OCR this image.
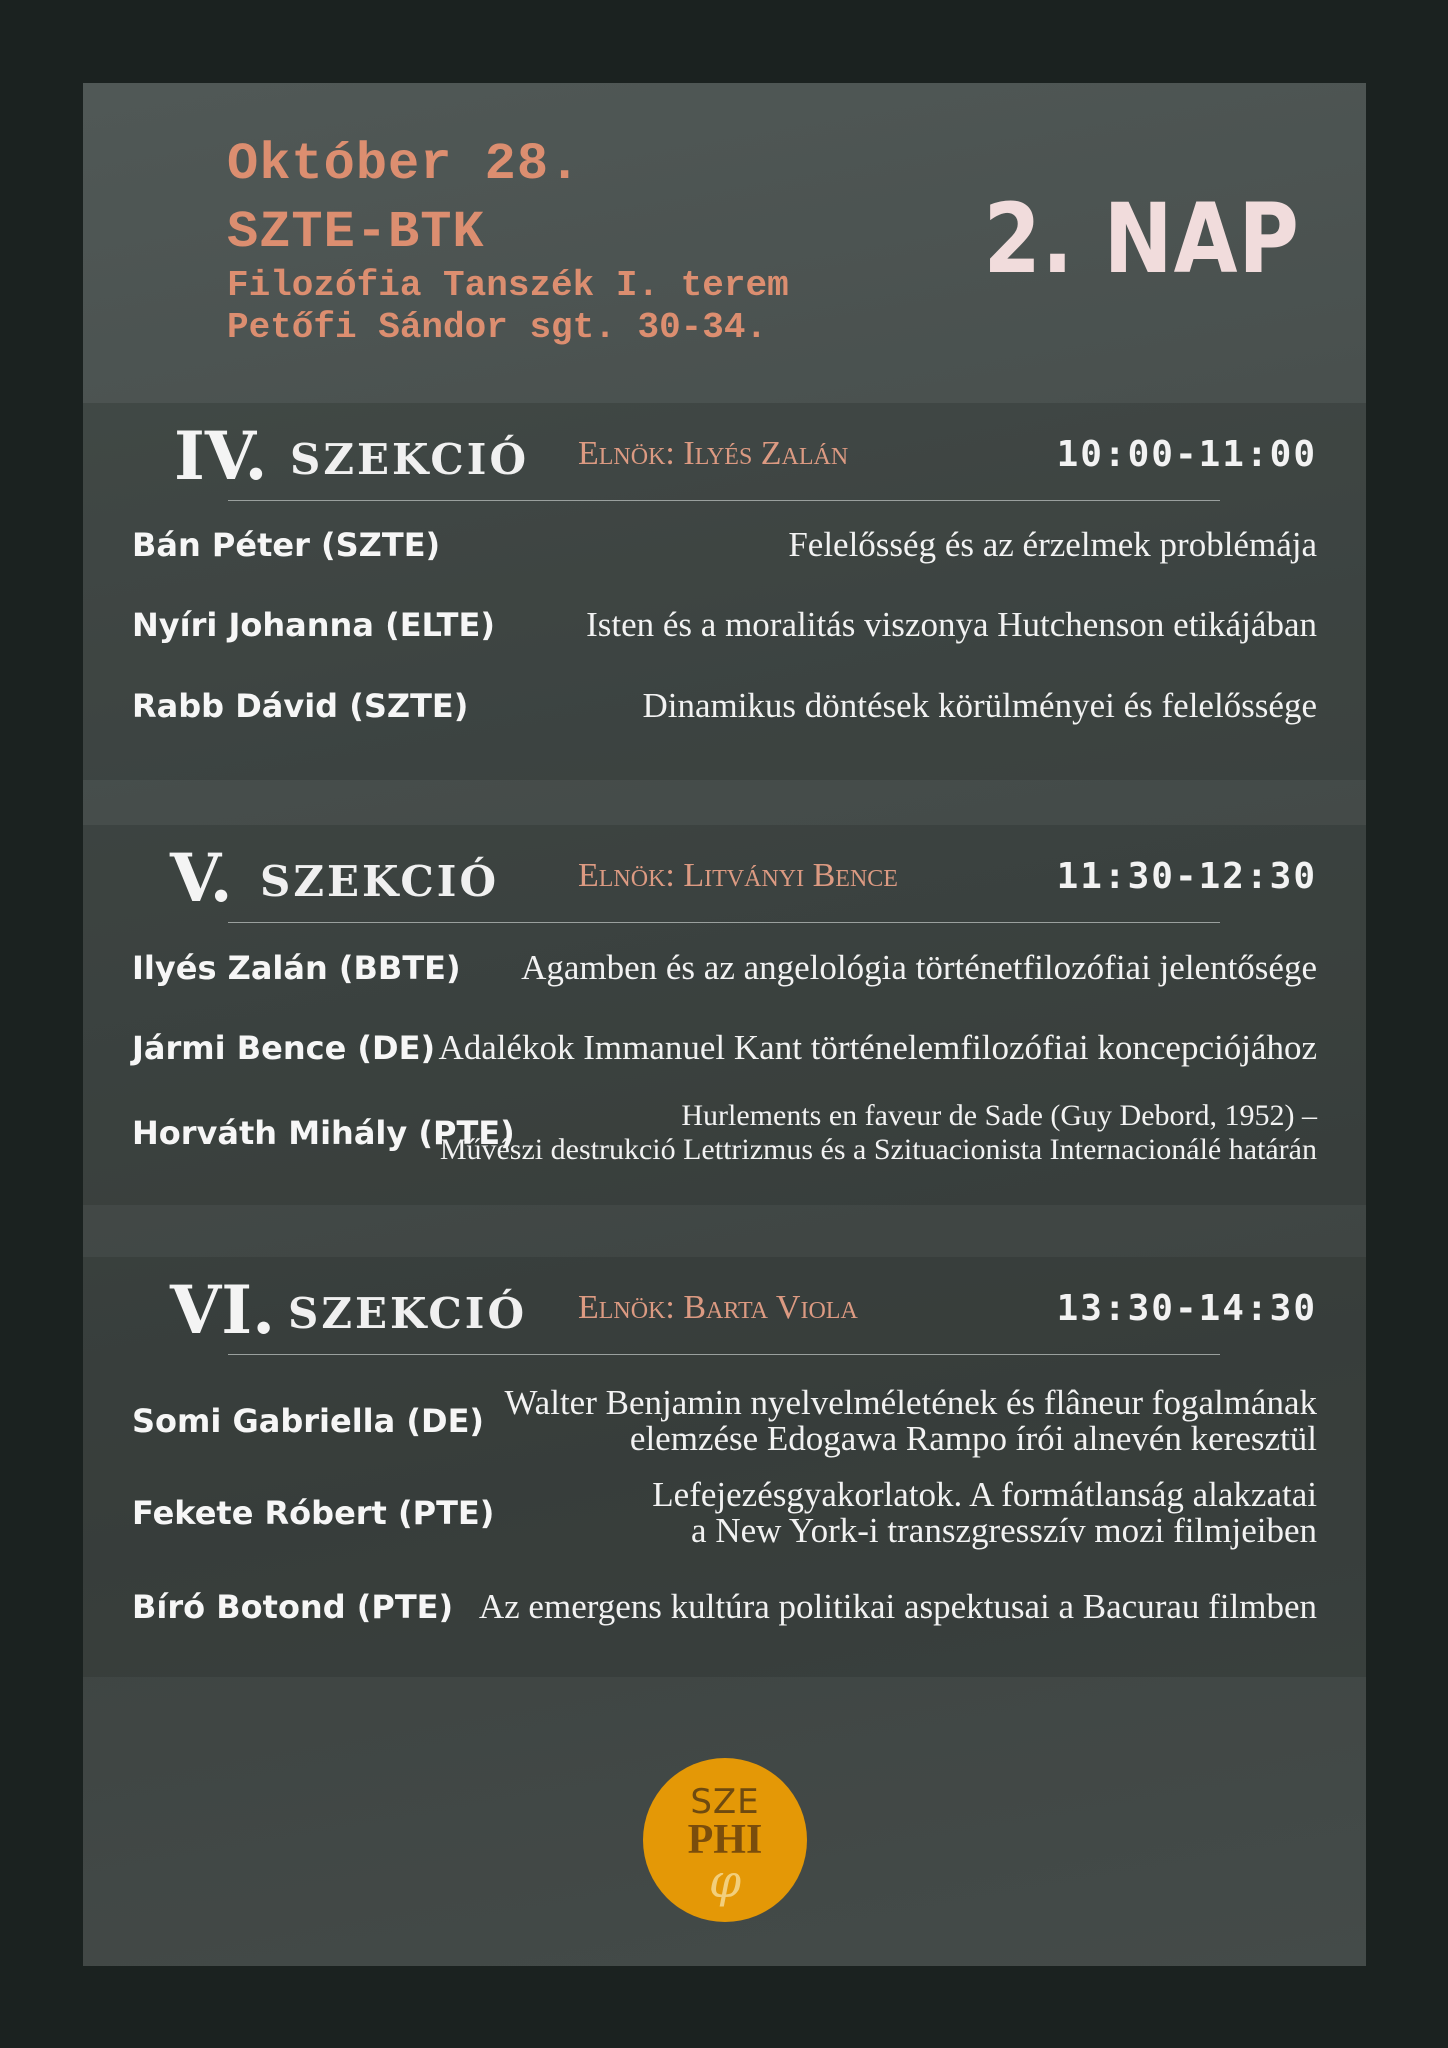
Október 28.

SZTE-BTK

Filozófia Tanszék I. terem

Petőfi Sándor sgt. 30-34.

2. NAP

IV. SZEKCIÓ Elnök: Ilyés Zalán	10:00-11:00

Bán Péter (SZTE)	Felelősség és az érzelmek problémája

Nyíri Johanna (ELTE)	Isten és a moralitás viszonya Hutchenson etikájában

Rabb Dávid (SZTE)	Dinamikus döntések körülményei és felelőssége

V. SZEKCIÓ Elnök: Litványi Bence	11:30-12:30

Ilyés Zalán (BBTE) Agamben és az angelológia történetfilozófiai jelentősége

Jármi Bence (DE) Adalékok Immanuel Kant történelemfilozófiai koncepciójához

Horváth Mihály (PTE)	Hurlements en faveur de Sade (Guy Debord, 1952) –
Művészi destrukció Lettrizmus és a Szituacionista Internacionálé határán

VI. SZEKCIÓ Elnök: Barta Viola	13:30-14:30

Somi Gabriella (DE) Walter Benjamin nyelvelméletének és flâneur fogalmának
elemzése Edogawa Rampo írói alnevén keresztül

Fekete Róbert (PTE)	Lefejezésgyakorlatok. A formátlanság alakzatai
a New York-i transzgresszív mozi filmjeiben

Bíró Botond (PTE) Az emergens kultúra politikai aspektusai a Bacurau filmben

SZE

PHI

φ
